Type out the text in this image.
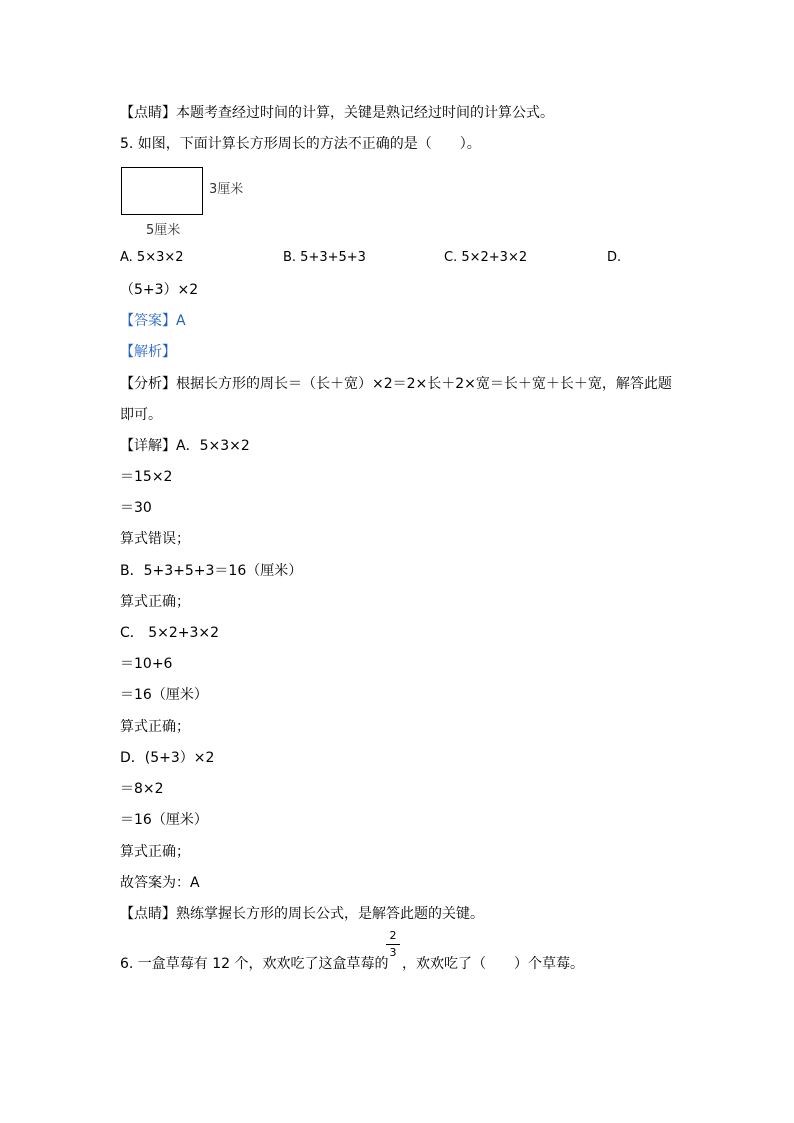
【点睛】本题考查经过时间的计算，关键是熟记经过时间的计算公式。
5. 如图，下面计算长方形周长的方法不正确的是（　　）。
3厘米
5厘米
A. 5×3×2	B. 5+3+5+3	C. 5×2+3×2	D.
（5+3）×2
【答案】A
【解析】
【分析】根据长方形的周长＝（长＋宽）×2＝2×长＋2×宽＝长＋宽＋长＋宽，解答此题
即可。
【详解】A．5×3×2
＝15×2
＝30
算式错误；
B．5+3+5+3＝16（厘米）
算式正确；
C． 5×2+3×2
＝10+6
＝16（厘米）
算式正确；
D．(5+3）×2
＝8×2
＝16（厘米）
算式正确；
故答案为：A
【点睛】熟练掌握长方形的周长公式，是解答此题的关键。
6. 一盒草莓有 12 个，欢欢吃了这盒草莓的
2
3
，欢欢吃了（　　）个草莓。
